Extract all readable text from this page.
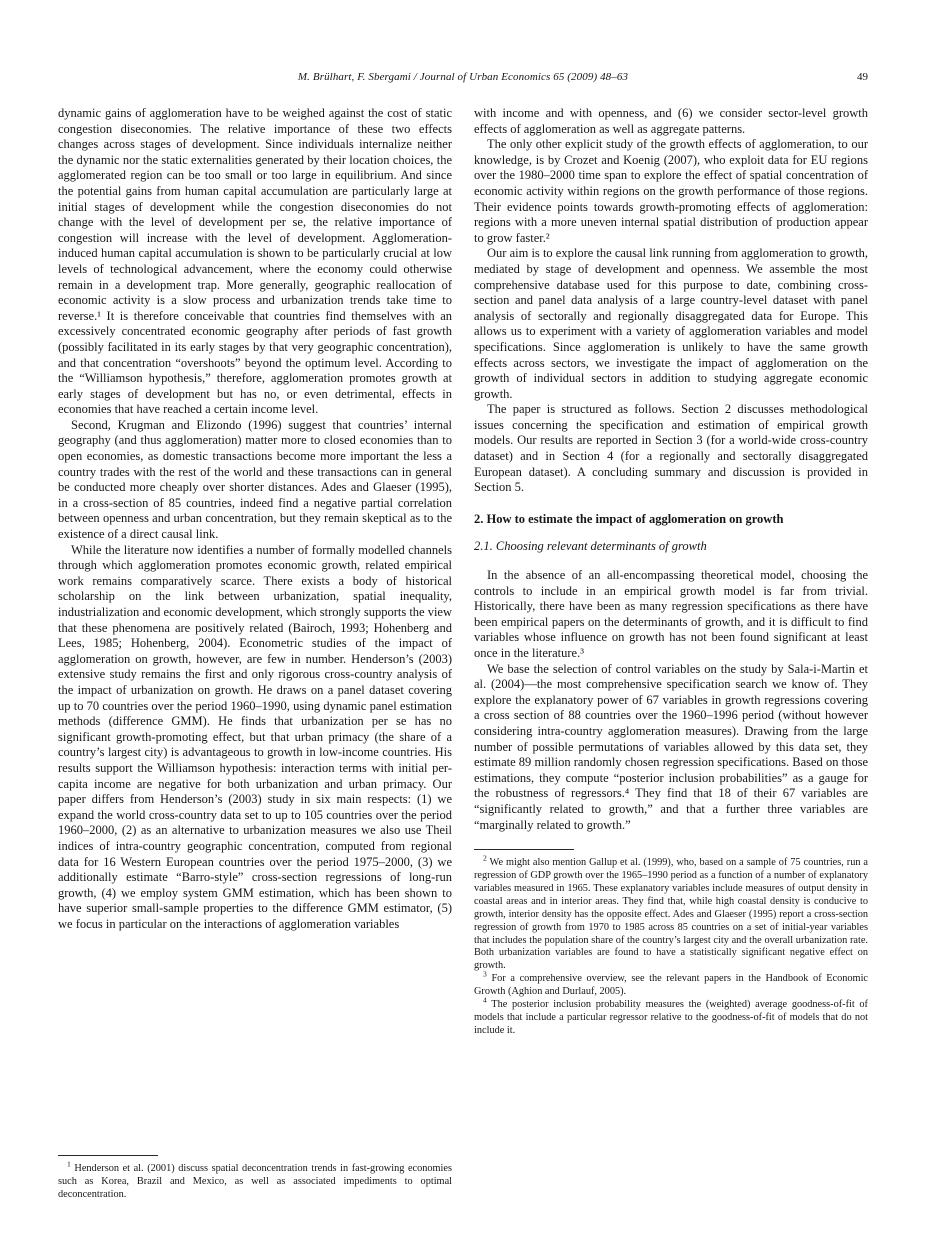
M. Brülhart, F. Sbergami / Journal of Urban Economics 65 (2009) 48–63	49

dynamic gains of agglomeration have to be weighed against the cost of static congestion diseconomies. The relative importance of these two effects changes across stages of development. Since individuals internalize neither the dynamic nor the static externalities generated by their location choices, the agglomerated region can be too small or too large in equilibrium. And since the potential gains from human capital accumulation are particularly large at initial stages of development while the congestion diseconomies do not change with the level of development per se, the relative importance of congestion will increase with the level of development. Agglomeration-induced human capital accumulation is shown to be particularly crucial at low levels of technological advancement, where the economy could otherwise remain in a development trap. More generally, geographic reallocation of economic activity is a slow process and urbanization trends take time to reverse.¹ It is therefore conceivable that countries find themselves with an excessively concentrated economic geography after periods of fast growth (possibly facilitated in its early stages by that very geographic concentration), and that concentration “overshoots” beyond the optimum level. According to the “Williamson hypothesis,” therefore, agglomeration promotes growth at early stages of development but has no, or even detrimental, effects in economies that have reached a certain income level.

Second, Krugman and Elizondo (1996) suggest that countries’ internal geography (and thus agglomeration) matter more to closed economies than to open economies, as domestic transactions become more important the less a country trades with the rest of the world and these transactions can in general be conducted more cheaply over shorter distances. Ades and Glaeser (1995), in a cross-section of 85 countries, indeed find a negative partial correlation between openness and urban concentration, but they remain skeptical as to the existence of a direct causal link.

While the literature now identifies a number of formally modelled channels through which agglomeration promotes economic growth, related empirical work remains comparatively scarce. There exists a body of historical scholarship on the link between urbanization, spatial inequality, industrialization and economic development, which strongly supports the view that these phenomena are positively related (Bairoch, 1993; Hohenberg and Lees, 1985; Hohenberg, 2004). Econometric studies of the impact of agglomeration on growth, however, are few in number. Henderson’s (2003) extensive study remains the first and only rigorous cross-country analysis of the impact of urbanization on growth. He draws on a panel dataset covering up to 70 countries over the period 1960–1990, using dynamic panel estimation methods (difference GMM). He finds that urbanization per se has no significant growth-promoting effect, but that urban primacy (the share of a country’s largest city) is advantageous to growth in low-income countries. His results support the Williamson hypothesis: interaction terms with initial per-capita income are negative for both urbanization and urban primacy. Our paper differs from Henderson’s (2003) study in six main respects: (1) we expand the world cross-country data set to up to 105 countries over the period 1960–2000, (2) as an alternative to urbanization measures we also use Theil indices of intra-country geographic concentration, computed from regional data for 16 Western European countries over the period 1975–2000, (3) we additionally estimate “Barro-style” cross-section regressions of long-run growth, (4) we employ system GMM estimation, which has been shown to have superior small-sample properties to the difference GMM estimator, (5) we focus in particular on the interactions of agglomeration variables

$^1$ Henderson et al. (2001) discuss spatial deconcentration trends in fast-growing economies such as Korea, Brazil and Mexico, as well as associated impediments to optimal deconcentration.

with income and with openness, and (6) we consider sector-level growth effects of agglomeration as well as aggregate patterns.

The only other explicit study of the growth effects of agglomeration, to our knowledge, is by Crozet and Koenig (2007), who exploit data for EU regions over the 1980–2000 time span to explore the effect of spatial concentration of economic activity within regions on the growth performance of those regions. Their evidence points towards growth-promoting effects of agglomeration: regions with a more uneven internal spatial distribution of production appear to grow faster.²

Our aim is to explore the causal link running from agglomeration to growth, mediated by stage of development and openness. We assemble the most comprehensive database used for this purpose to date, combining cross-section and panel data analysis of a large country-level dataset with panel analysis of sectorally and regionally disaggregated data for Europe. This allows us to experiment with a variety of agglomeration variables and model specifications. Since agglomeration is unlikely to have the same growth effects across sectors, we investigate the impact of agglomeration on the growth of individual sectors in addition to studying aggregate economic growth.

The paper is structured as follows. Section 2 discusses methodological issues concerning the specification and estimation of empirical growth models. Our results are reported in Section 3 (for a world-wide cross-country dataset) and in Section 4 (for a regionally and sectorally disaggregated European dataset). A concluding summary and discussion is provided in Section 5.

2. How to estimate the impact of agglomeration on growth
2.1. Choosing relevant determinants of growth

In the absence of an all-encompassing theoretical model, choosing the controls to include in an empirical growth model is far from trivial. Historically, there have been as many regression specifications as there have been empirical papers on the determinants of growth, and it is difficult to find variables whose influence on growth has not been found significant at least once in the literature.³

We base the selection of control variables on the study by Sala-i-Martin et al. (2004)—the most comprehensive specification search we know of. They explore the explanatory power of 67 variables in growth regressions covering a cross section of 88 countries over the 1960–1996 period (without however considering intra-country agglomeration measures). Drawing from the large number of possible permutations of variables allowed by this data set, they estimate 89 million randomly chosen regression specifications. Based on those estimations, they compute “posterior inclusion probabilities” as a gauge for the robustness of regressors.⁴ They find that 18 of their 67 variables are “significantly related to growth,” and that a further three variables are “marginally related to growth.”

$^2$ We might also mention Gallup et al. (1999), who, based on a sample of 75 countries, run a regression of GDP growth over the 1965–1990 period as a function of a number of explanatory variables measured in 1965. These explanatory variables include measures of output density in coastal areas and in interior areas. They find that, while high coastal density is conducive to growth, interior density has the opposite effect. Ades and Glaeser (1995) report a cross-section regression of growth from 1970 to 1985 across 85 countries on a set of initial-year variables that includes the population share of the country’s largest city and the overall urbanization rate. Both urbanization variables are found to have a statistically significant negative effect on growth.

$^3$ For a comprehensive overview, see the relevant papers in the Handbook of Economic Growth (Aghion and Durlauf, 2005).

$^4$ The posterior inclusion probability measures the (weighted) average goodness-of-fit of models that include a particular regressor relative to the goodness-of-fit of models that do not include it.
